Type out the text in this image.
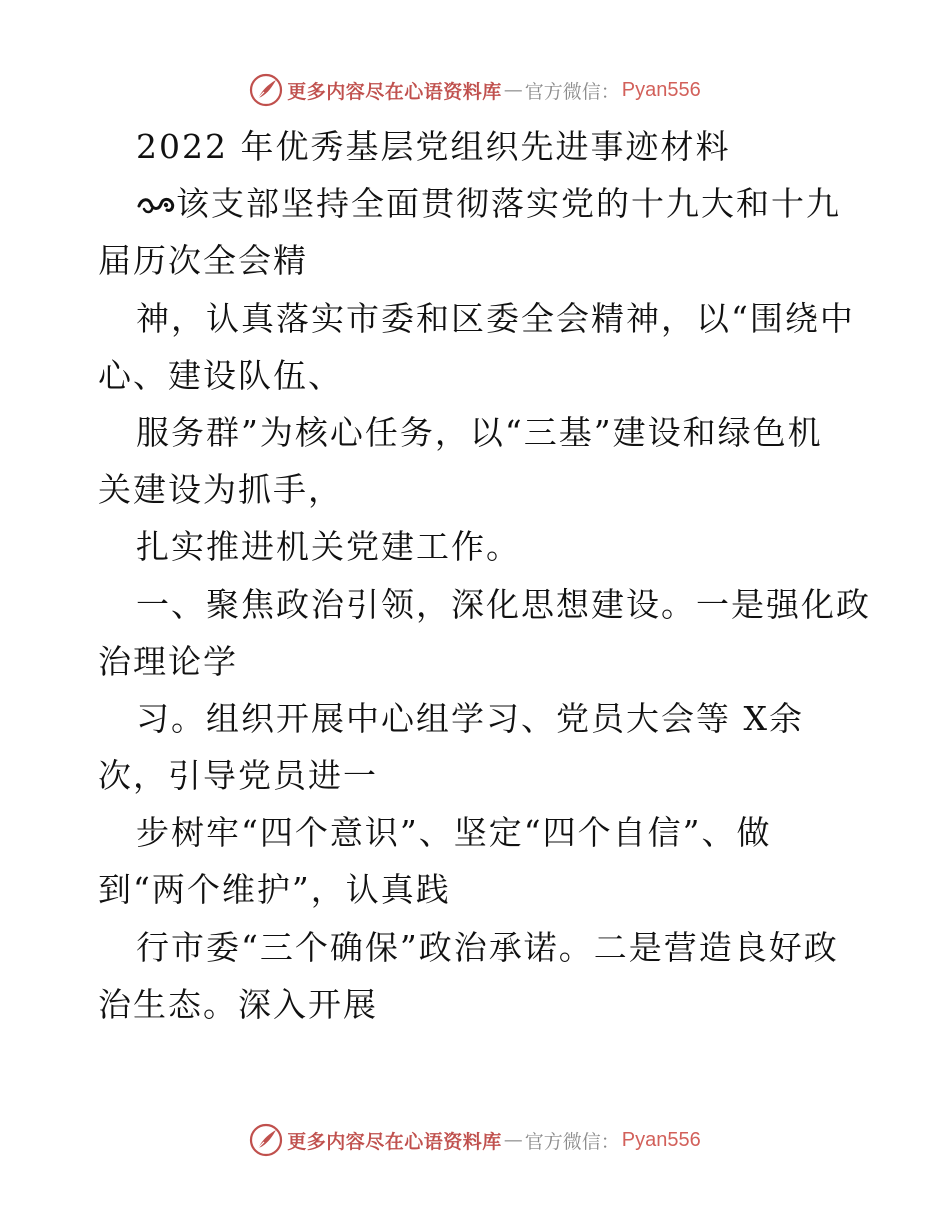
更多内容尽在心语资料库 — 官方微信： Pyan556
2022 年优秀基层党组织先进事迹材料
该支部坚持全面贯彻落实党的十九大和十九
届历次全会精
神，认真落实市委和区委全会精神，以“围绕中
心、建设队伍、
服务群”为核心任务，以“三基”建设和绿色机
关建设为抓手，
扎实推进机关党建工作。
一、聚焦政治引领，深化思想建设。一是强化政
治理论学
习。组织开展中心组学习、党员大会等 X余
次，引导党员进一
步树牢“四个意识”、坚定“四个自信”、做
到“两个维护”，认真践
行市委“三个确保”政治承诺。二是营造良好政
治生态。深入开展
更多内容尽在心语资料库 — 官方微信： Pyan556
